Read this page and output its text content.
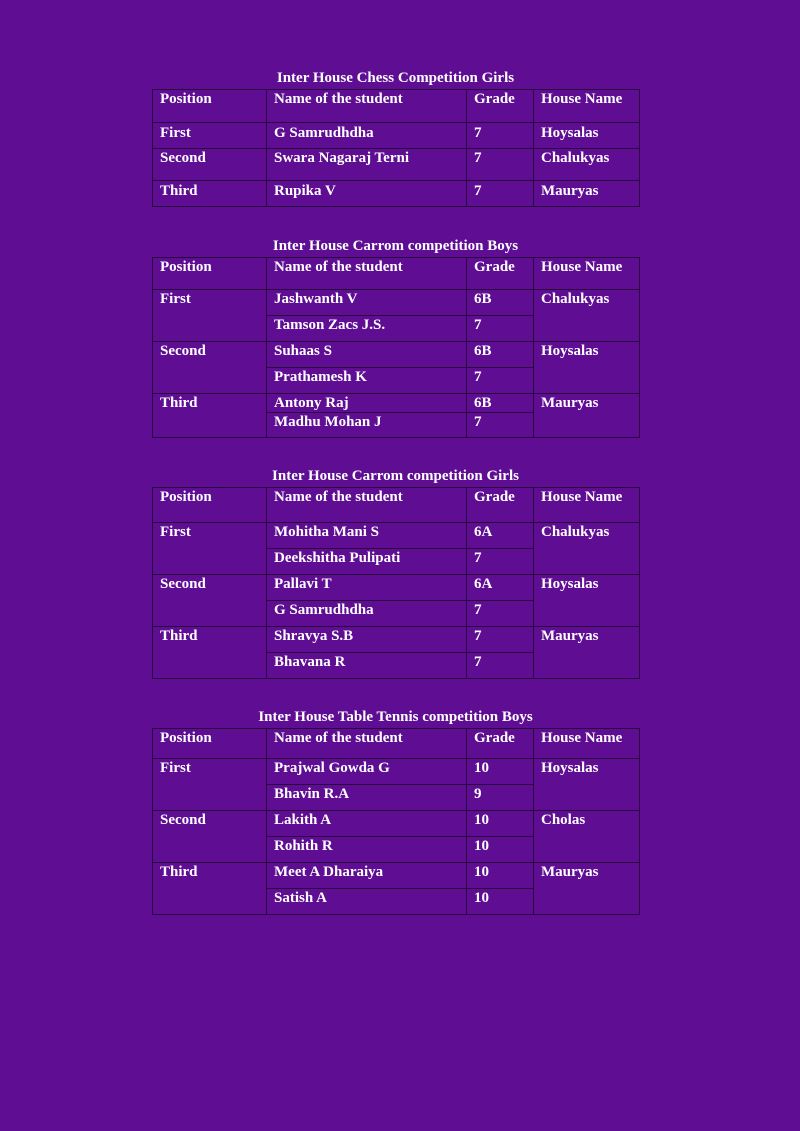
Inter House Chess Competition Girls
Position	Name of the student	Grade	House Name
First	G Samrudhdha	7	Hoysalas
Second	Swara Nagaraj Terni	7	Chalukyas
Third	Rupika V	7	Mauryas
Inter House Carrom competition Boys
Position	Name of the student	Grade	House Name
First	Jashwanth V	6B	Chalukyas
	Tamson Zacs J.S.	7	
Second	Suhaas S	6B	Hoysalas
	Prathamesh K	7	
Third	Antony Raj	6B	Mauryas
	Madhu Mohan J	7	
Inter House Carrom competition Girls
Position	Name of the student	Grade	House Name
First	Mohitha Mani S	6A	Chalukyas
	Deekshitha Pulipati	7	
Second	Pallavi T	6A	Hoysalas
	G Samrudhdha	7	
Third	Shravya S.B	7	Mauryas
	Bhavana R	7	
Inter House Table Tennis competition Boys
Position	Name of the student	Grade	House Name
First	Prajwal Gowda G	10	Hoysalas
	Bhavin R.A	9	
Second	Lakith A	10	Cholas
	Rohith R	10	
Third	Meet A Dharaiya	10	Mauryas
	Satish A	10	
